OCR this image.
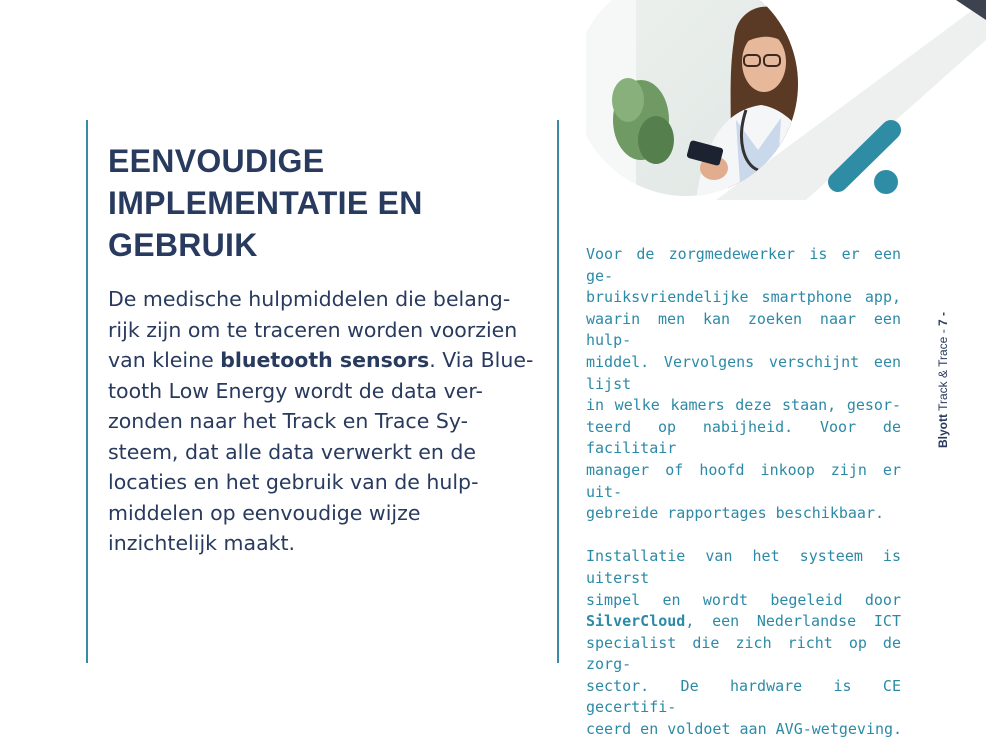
EENVOUDIGE
IMPLEMENTATIE EN
GEBRUIK

De medische hulpmiddelen die belang-
rijk zijn om te traceren worden voorzien
van kleine bluetooth sensors. Via Blue-
tooth Low Energy wordt de data ver-
zonden naar het Track en Trace Sy-
steem, dat alle data verwerkt en de
locaties en het gebruik van de hulp-
middelen op eenvoudige wijze
inzichtelijk maakt.

Voor de zorgmedewerker is er een ge-
bruiksvriendelijke smartphone app,
waarin men kan zoeken naar een hulp-
middel. Vervolgens verschijnt een lijst
in welke kamers deze staan, gesor-
teerd op nabijheid. Voor de facilitair
manager of hoofd inkoop zijn er uit-
gebreide rapportages beschikbaar.
Installatie van het systeem is uiterst
simpel en wordt begeleid door
SilverCloud, een Nederlandse ICT
specialist die zich richt op de zorg-
sector. De hardware is CE gecertifi-
ceerd en voldoet aan AVG-wetgeving.
Blyott Track & Trace - 7 -
